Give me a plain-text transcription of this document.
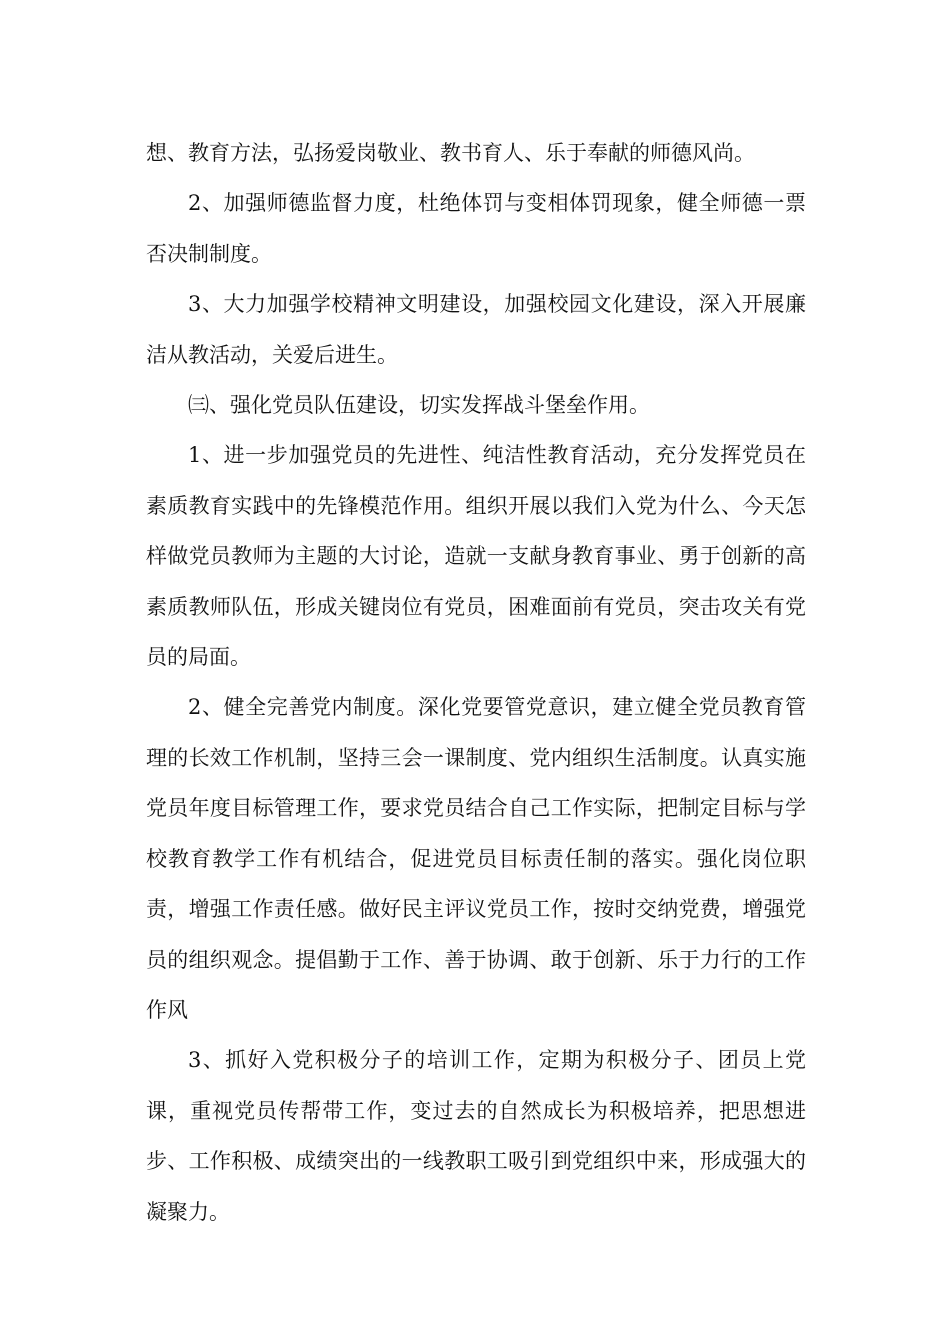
想、教育方法，弘扬爱岗敬业、教书育人、乐于奉献的师德风尚。

2、加强师德监督力度，杜绝体罚与变相体罚现象，健全师德一票否决制制度。

3、大力加强学校精神文明建设，加强校园文化建设，深入开展廉洁从教活动，关爱后进生。

㈢、强化党员队伍建设，切实发挥战斗堡垒作用。

1、进一步加强党员的先进性、纯洁性教育活动，充分发挥党员在素质教育实践中的先锋模范作用。组织开展以我们入党为什么、今天怎样做党员教师为主题的大讨论，造就一支献身教育事业、勇于创新的高素质教师队伍，形成关键岗位有党员，困难面前有党员，突击攻关有党员的局面。

2、健全完善党内制度。深化党要管党意识，建立健全党员教育管理的长效工作机制，坚持三会一课制度、党内组织生活制度。认真实施党员年度目标管理工作，要求党员结合自己工作实际，把制定目标与学校教育教学工作有机结合，促进党员目标责任制的落实。强化岗位职责，增强工作责任感。做好民主评议党员工作，按时交纳党费，增强党员的组织观念。提倡勤于工作、善于协调、敢于创新、乐于力行的工作作风

3、抓好入党积极分子的培训工作，定期为积极分子、团员上党课，重视党员传帮带工作，变过去的自然成长为积极培养，把思想进步、工作积极、成绩突出的一线教职工吸引到党组织中来，形成强大的凝聚力。
